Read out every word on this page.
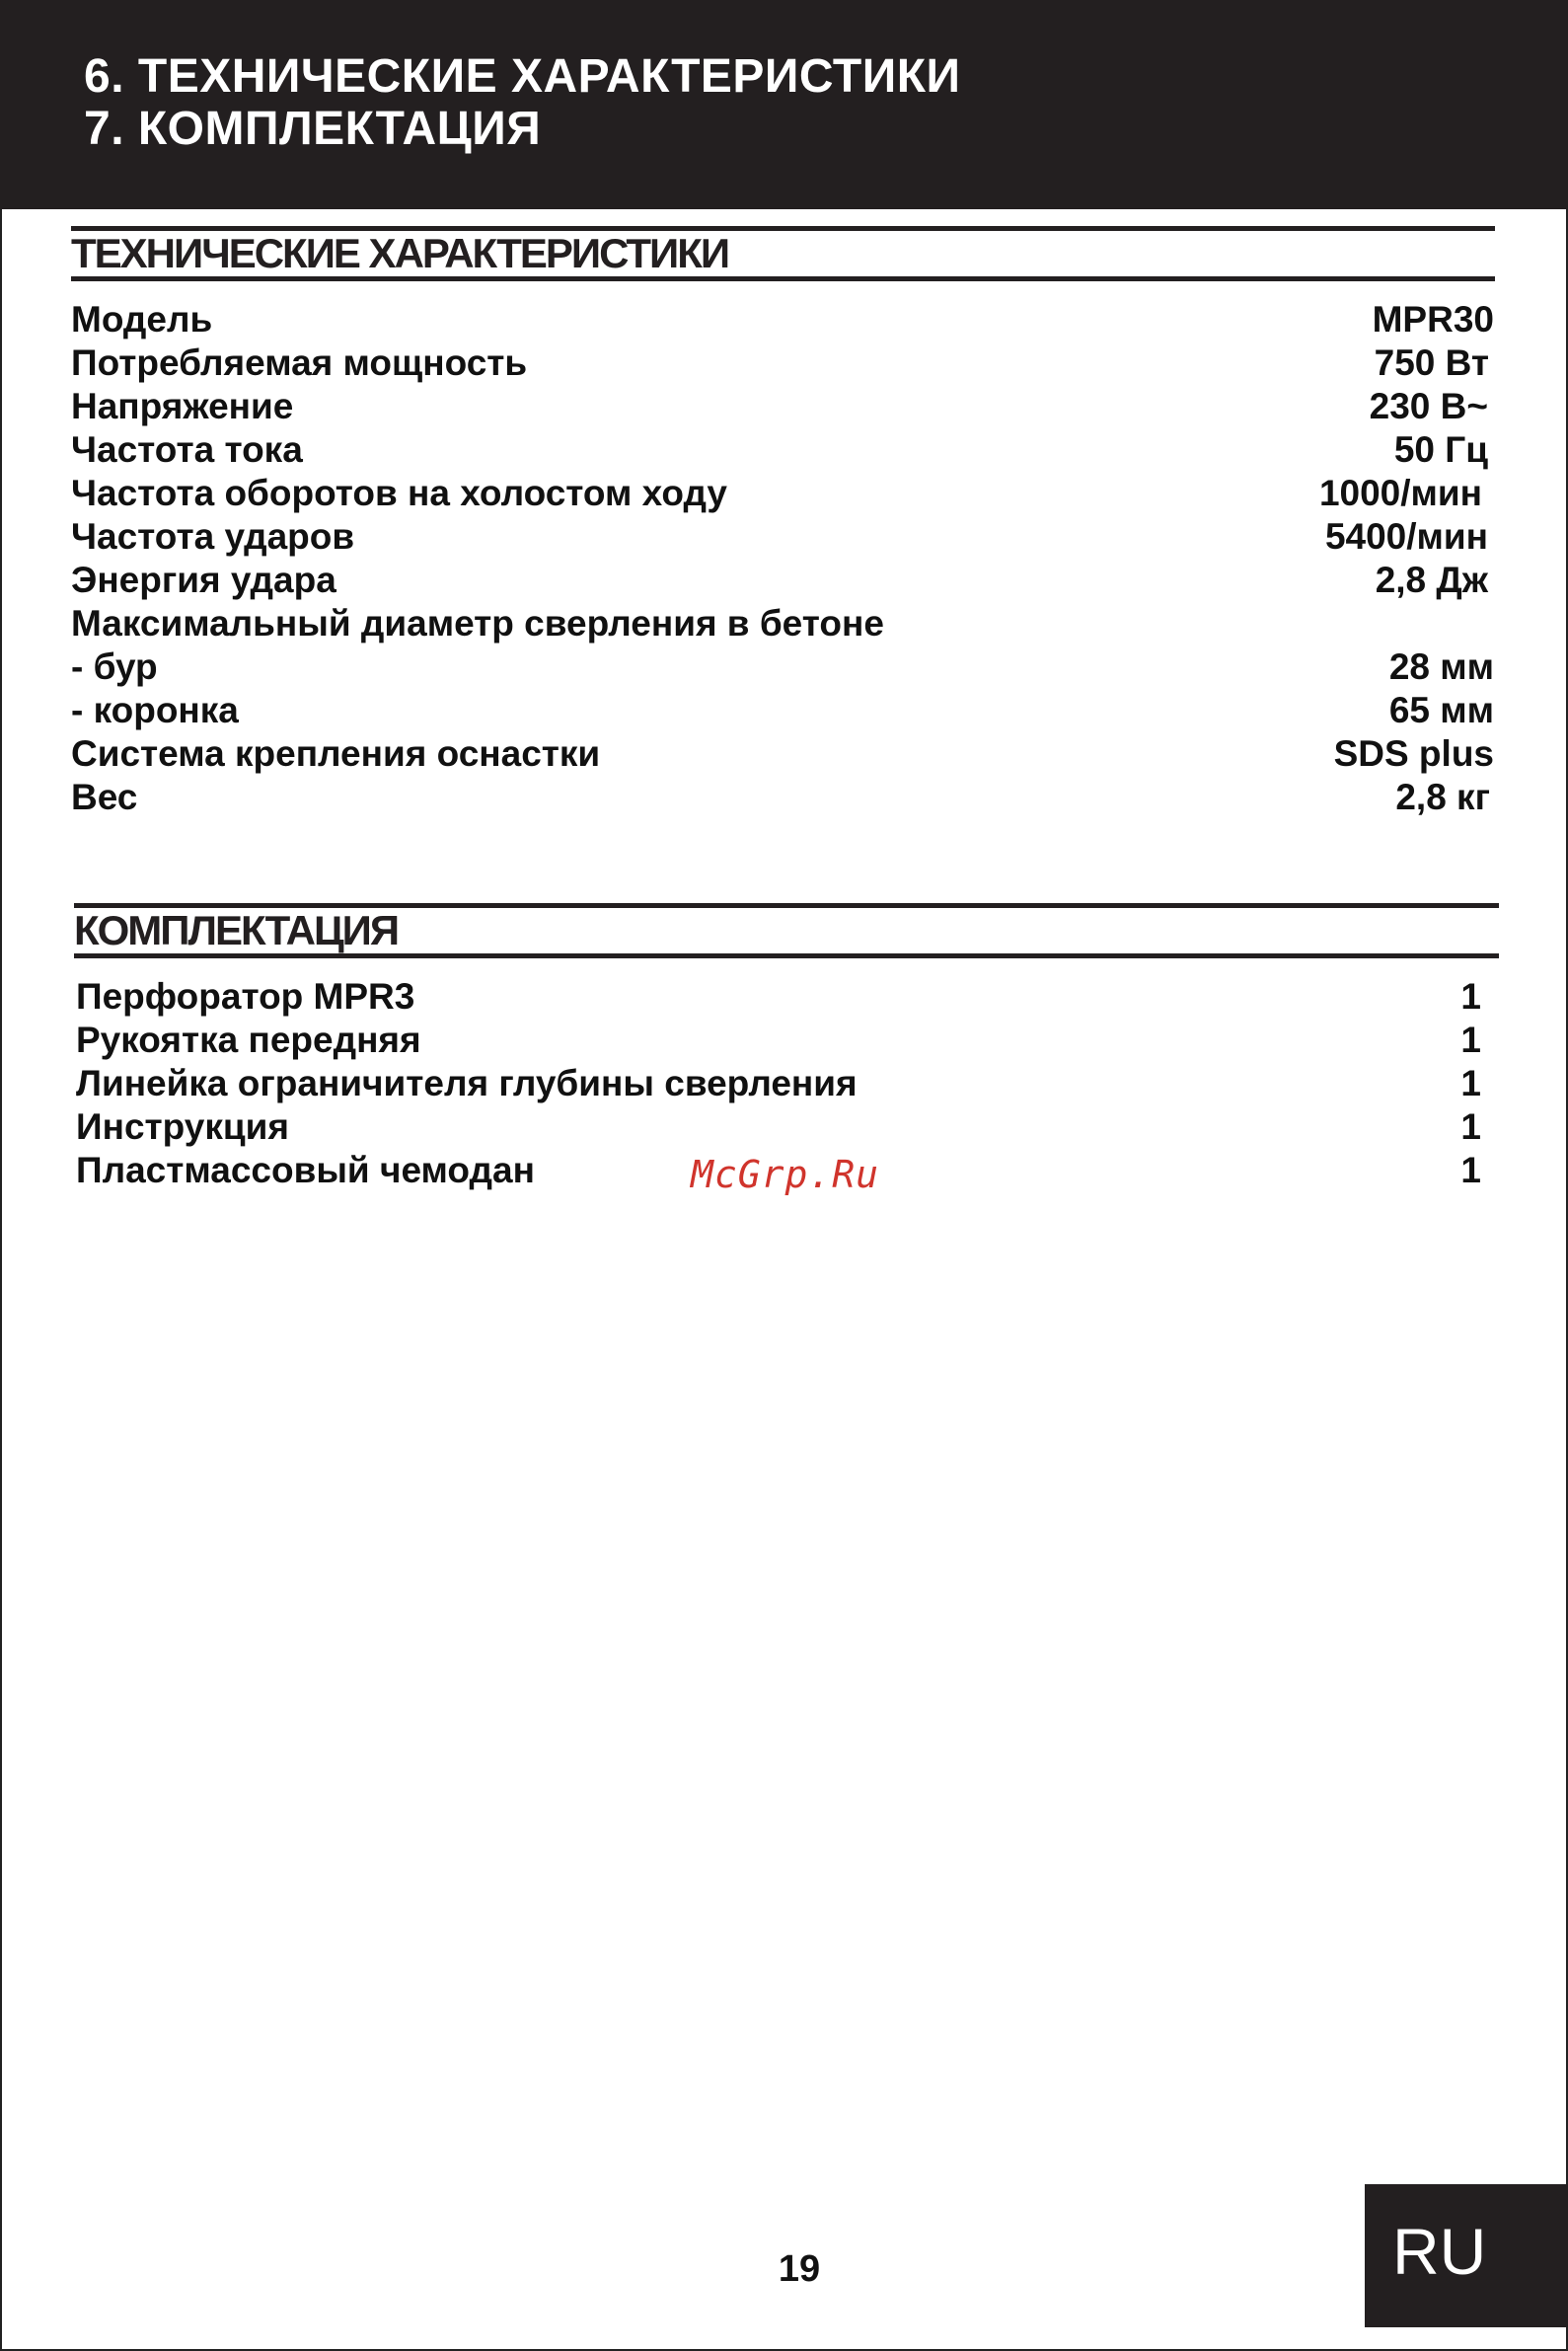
6. ТЕХНИЧЕСКИЕ ХАРАКТЕРИСТИКИ
7. КОМПЛЕКТАЦИЯ
ТЕХНИЧЕСКИЕ ХАРАКТЕРИСТИКИ
Модель	MPR30
Потребляемая мощность	750 Вт
Напряжение	230 В~
Частота тока	50 Гц
Частота оборотов на холостом ходу	1000/мин
Частота ударов	5400/мин
Энергия удара	2,8 Дж
Максимальный диаметр сверления в бетоне
- бур	28 мм
- коронка	65 мм
Система крепления оснастки	SDS plus
Вес	2,8 кг
КОМПЛЕКТАЦИЯ
Перфоратор MPR3	1
Рукоятка передняя	1
Линейка ограничителя глубины сверления	1
Инструкция	1
Пластмассовый чемодан	1
McGrp.Ru
19	RU
